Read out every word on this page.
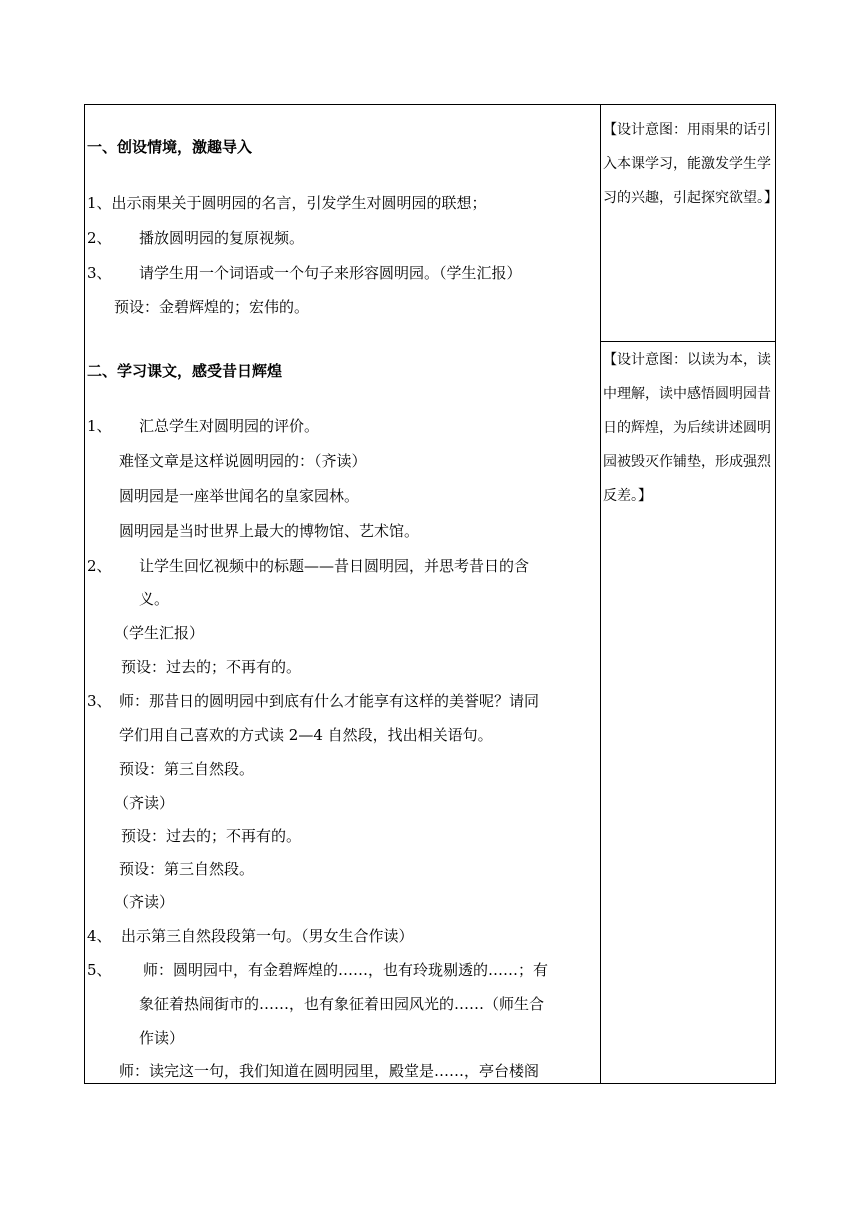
一、创设情境，激趣导入
1、出示雨果关于圆明园的名言，引发学生对圆明园的联想；
2、 播放圆明园的复原视频。
3、 请学生用一个词语或一个句子来形容圆明园。（学生汇报）
预设：金碧辉煌的；宏伟的。
二、学习课文，感受昔日辉煌
1、 汇总学生对圆明园的评价。
难怪文章是这样说圆明园的：（齐读）
圆明园是一座举世闻名的皇家园林。
圆明园是当时世界上最大的博物馆、艺术馆。
2、 让学生回忆视频中的标题——昔日圆明园，并思考昔日的含
义。
（学生汇报）
预设：过去的；不再有的。
3、 师：那昔日的圆明园中到底有什么才能享有这样的美誉呢？请同
学们用自己喜欢的方式读 2—4 自然段，找出相关语句。
预设：第三自然段。
（齐读）
预设：过去的；不再有的。
预设：第三自然段。
（齐读）
4、 出示第三自然段段第一句。（男女生合作读）
5、 师：圆明园中，有金碧辉煌的……，也有玲珑剔透的……；有
象征着热闹街市的……，也有象征着田园风光的……（师生合
作读）
师：读完这一句，我们知道在圆明园里，殿堂是……，亭台楼阁
【设计意图：用雨果的话引入本课学习，能激发学生学习的兴趣，引起探究欲望。】
【设计意图：以读为本，读中理解，读中感悟圆明园昔日的辉煌，为后续讲述圆明园被毁灭作铺垫，形成强烈反差。】
